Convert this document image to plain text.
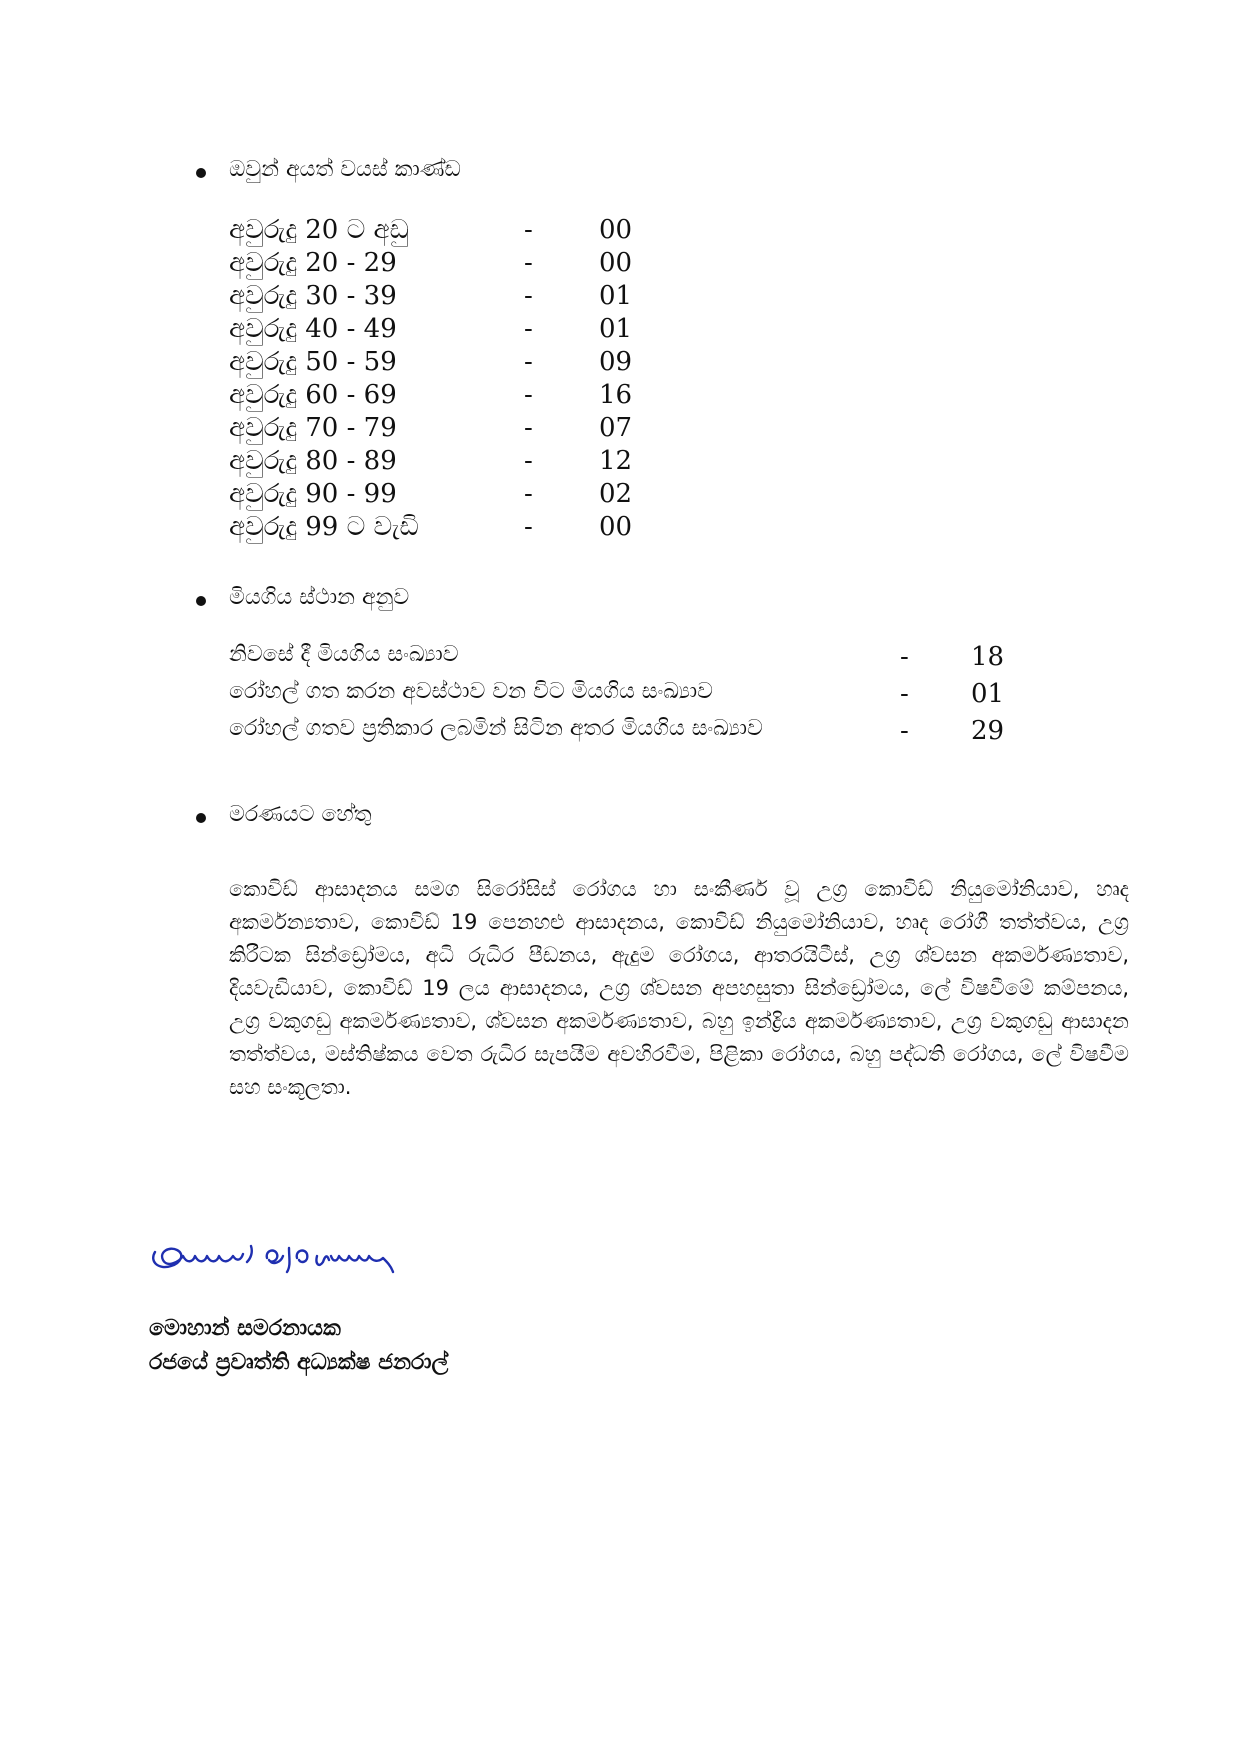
ඔවුන් අයත් වයස් කාණ්ඩ
අවුරුදු 20 ට අඩු	-	00
අවුරුදු 20 - 29	-	00
අවුරුදු 30 - 39	-	01
අවුරුදු 40 - 49	-	01
අවුරුදු 50 - 59	-	09
අවුරුදු 60 - 69	-	16
අවුරුදු 70 - 79	-	07
අවුරුදු 80 - 89	-	12
අවුරුදු 90 - 99	-	02
අවුරුදු 99 ට වැඩි	-	00
මියගිය ස්ථාන අනුව
නිවසේ දී මියගිය සංඛ්‍යාව	- 18
රෝහල් ගත කරන අවස්ථාව වන විට මියගිය සංඛ්‍යාව	- 01
රෝහල් ගතව ප්‍රතිකාර ලබමින් සිටින අතර මියගිය සංඛ්‍යාව	- 29
මරණයට හේතු
කොවිඩ් ආසාදනය සමග සිරෝසිස් රෝගය හා සංකීර්ණ වූ උග්‍ර කොවිඩ් නියුමෝනියාව, හෘද අකර්මන්‍යතාව, කොවිඩ් 19 පෙනහළු ආසාදනය, කොවිඩ් නියුමෝනියාව, හෘද රෝගී තත්ත්වය, උග්‍ර කිරීටක සින්ඩ්‍රෝමය, අධි රුධිර පීඩනය, ඇදුම රෝගය, ආතරයිටීස්, උග්‍ර ශ්වසන අකර්මණ්‍යතාව, දියවැඩියාව, කොවිඩ් 19 ලය ආසාදනය, උග්‍ර ශ්වසන අපහසුතා සින්ඩ්‍රෝමය, ලේ විෂවීමේ කම්පනය, උග්‍ර වකුගඩු අකර්මණ්‍යතාව, ශ්වසන අකර්මණ්‍යතාව, බහු ඉන්ද්‍රිය අකර්මණ්‍යතාව, උග්‍ර වකුගඩු ආසාදන තත්ත්වය, මස්තිෂ්කය වෙත රුධිර සැපයීම අවහිරවීම, පිළිකා රෝගය, බහු පද්ධති රෝගය, ලේ විෂවීම සහ සංකූලතා.
මොහාන් සමරනායක
රජයේ ප්‍රවෘත්ති අධ්‍යක්ෂ ජනරාල්
